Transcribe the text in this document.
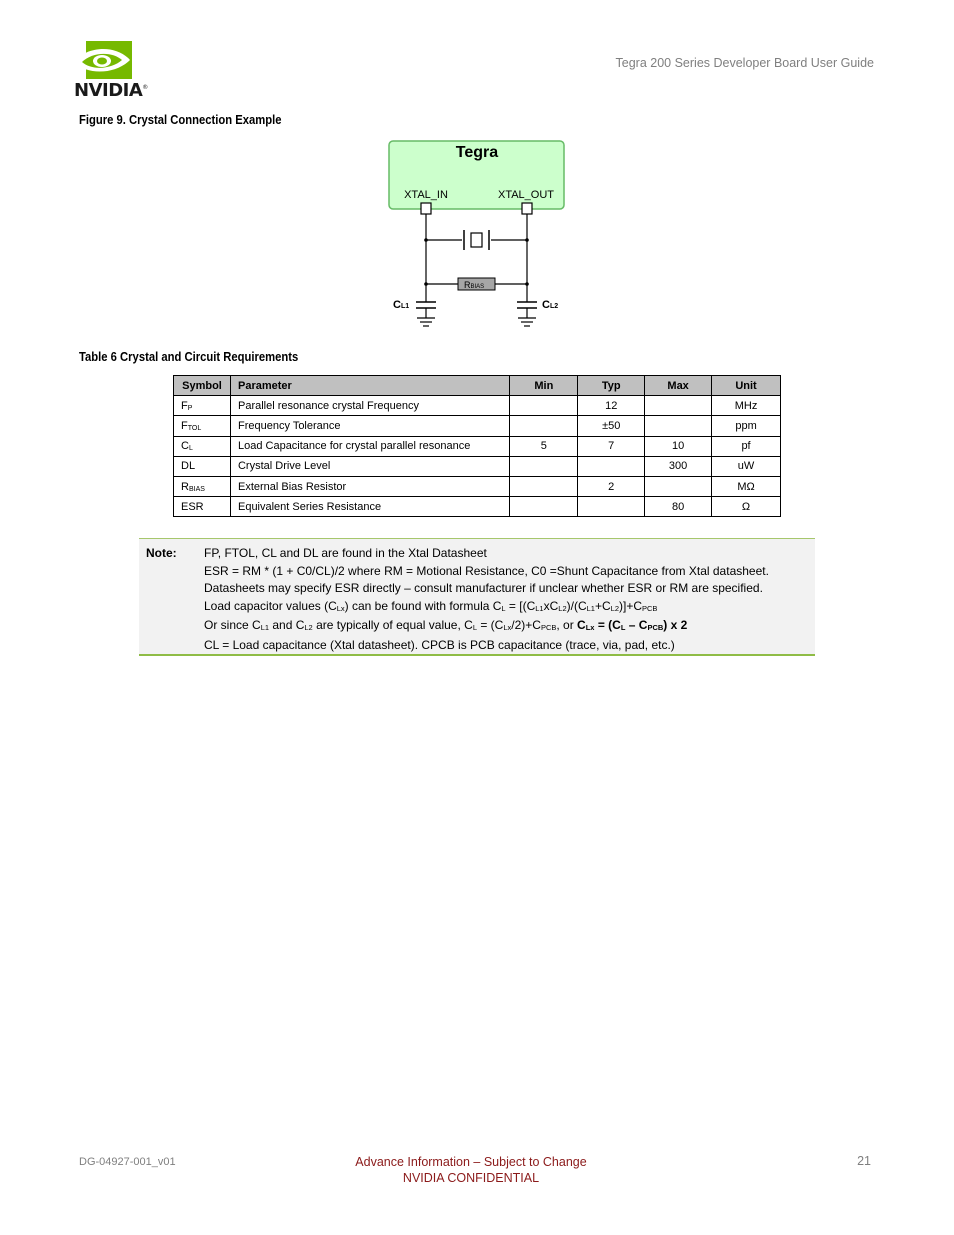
NVIDIA®
Tegra 200 Series Developer Board User Guide
Figure 9. Crystal Connection Example
Tegra
XTAL_IN	XTAL_OUT
RBIAS
CL1	CL2
Table 6 Crystal and Circuit Requirements
Symbol	Parameter	Min	Typ	Max	Unit
FP	Parallel resonance crystal Frequency		12		MHz
FTOL	Frequency Tolerance		±50		ppm
CL	Load Capacitance for crystal parallel resonance	5	7	10	pf
DL	Crystal Drive Level			300	uW
RBIAS	External Bias Resistor		2		MΩ
ESR	Equivalent Series Resistance			80	Ω
Note: FP, FTOL, CL and DL are found in the Xtal Datasheet
ESR = RM * (1 + C0/CL)/2 where RM = Motional Resistance, C0 =Shunt Capacitance from Xtal datasheet.
Datasheets may specify ESR directly – consult manufacturer if unclear whether ESR or RM are specified.
Load capacitor values (CLx) can be found with formula CL = [(CL1xCL2)/(CL1+CL2)]+CPCB
Or since CL1 and CL2 are typically of equal value, CL = (CLx/2)+CPCB, or CLx = (CL – CPCB) x 2
CL = Load capacitance (Xtal datasheet). CPCB is PCB capacitance (trace, via, pad, etc.)
DG-04927-001_v01	Advance Information – Subject to Change
NVIDIA CONFIDENTIAL
21
